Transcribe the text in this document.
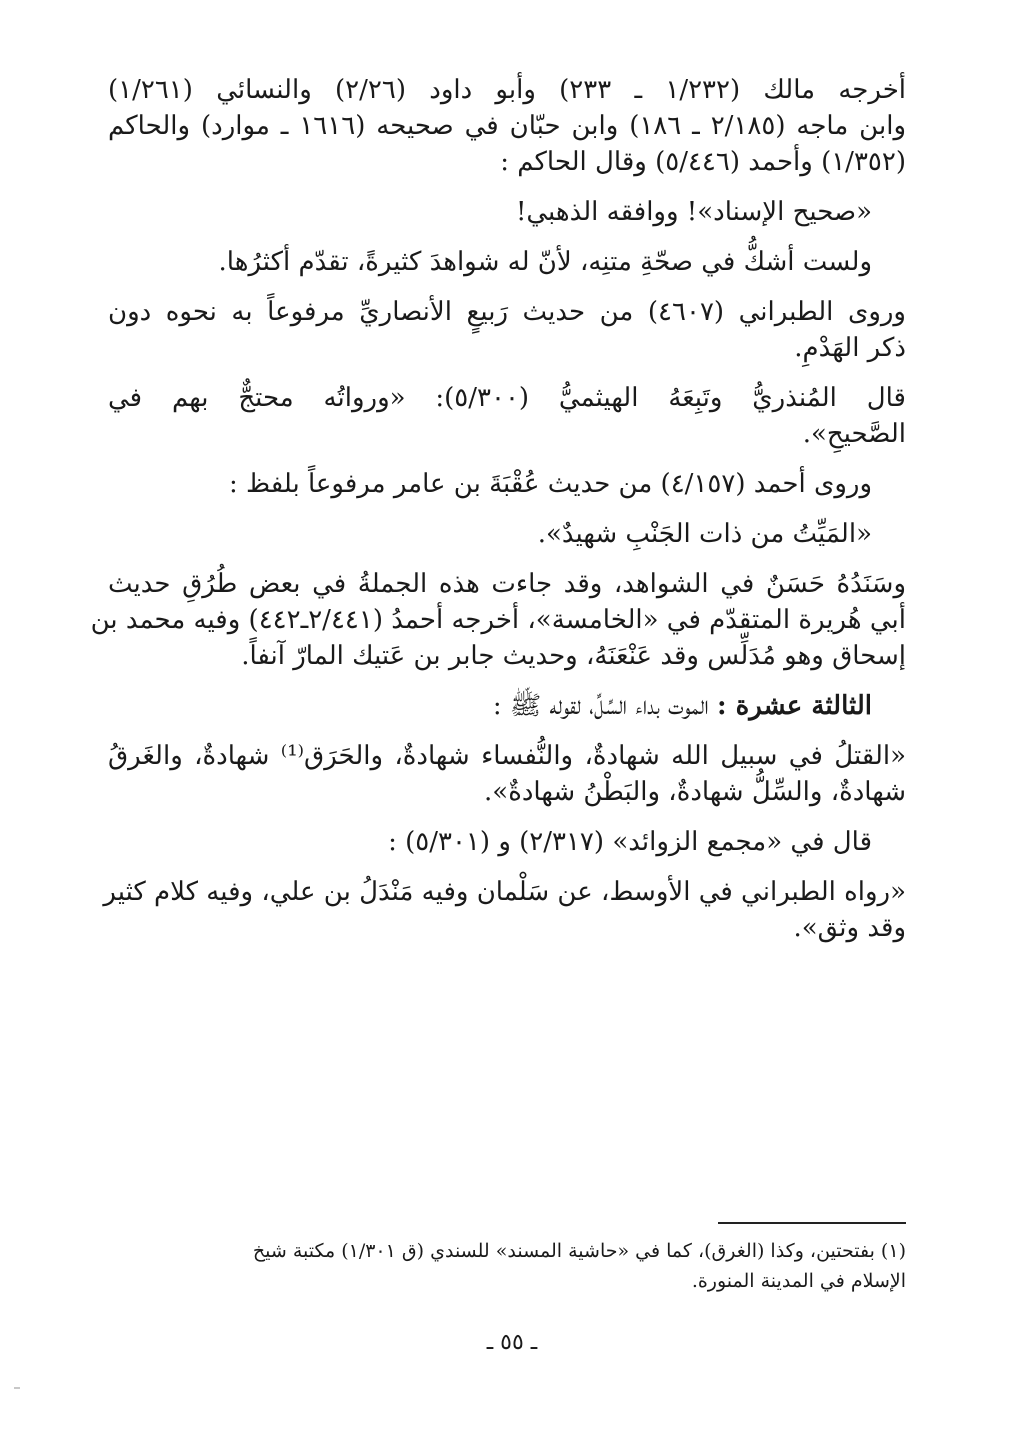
أخرجه مالك (١/٢٣٢ ـ ٢٣٣) وأبو داود (٢/٢٦) والنسائي (١/٢٦١)
وابن ماجه (٢/١٨٥ ـ ١٨٦) وابن حبّان في صحيحه (١٦١٦ ـ موارد) والحاكم
(١/٣٥٢) وأحمد (٥/٤٤٦) وقال الحاكم :
«صحيح الإسناد»! ووافقه الذهبي!
ولست أشكُّ في صحّةِ متنِه، لأنّ له شواهدَ كثيرةً، تقدّم أكثرُها.
وروى الطبراني (٤٦٠٧) من حديث رَبيعٍ الأنصاريِّ مرفوعاً به نحوه دون
ذكر الهَدْمِ.
قال المُنذريُّ وتَبِعَهُ الهيثميُّ (٥/٣٠٠): «ورواتُه محتجٌّ بهم في
الصَّحيحِ».
وروى أحمد (٤/١٥٧) من حديث عُقْبَةَ بن عامر مرفوعاً بلفظ :
«المَيِّتُ من ذات الجَنْبِ شهيدٌ».
وسَنَدُهُ حَسَنٌ في الشواهد، وقد جاءت هذه الجملةُ في بعض طُرُقِ حديث
أبي هُريرة المتقدّم في «الخامسة»، أخرجه أحمدُ (٢/٤٤١ـ٤٤٢) وفيه محمد بن
إسحاق وهو مُدَلِّس وقد عَنْعَنَهُ، وحديث جابر بن عَتيك المارّ آنفاً.
الثالثة عشرة : الموت بداء السِّلِّ، لقوله ﷺ :
«القتلُ في سبيل الله شهادةٌ، والنُّفساء شهادةٌ، والحَرَق⁽¹⁾ شهادةٌ، والغَرقُ
شهادةٌ، والسِّلُّ شهادةٌ، والبَطْنُ شهادةٌ».
قال في «مجمع الزوائد» (٢/٣١٧) و (٥/٣٠١) :
«رواه الطبراني في الأوسط، عن سَلْمان وفيه مَنْدَلُ بن علي، وفيه كلام كثير
وقد وثق».
(١) بفتحتين، وكذا (الغرق)، كما في «حاشية المسند» للسندي (ق ١/٣٠١) مكتبة شيخ
الإسلام في المدينة المنورة.
ـ ٥٥ ـ
